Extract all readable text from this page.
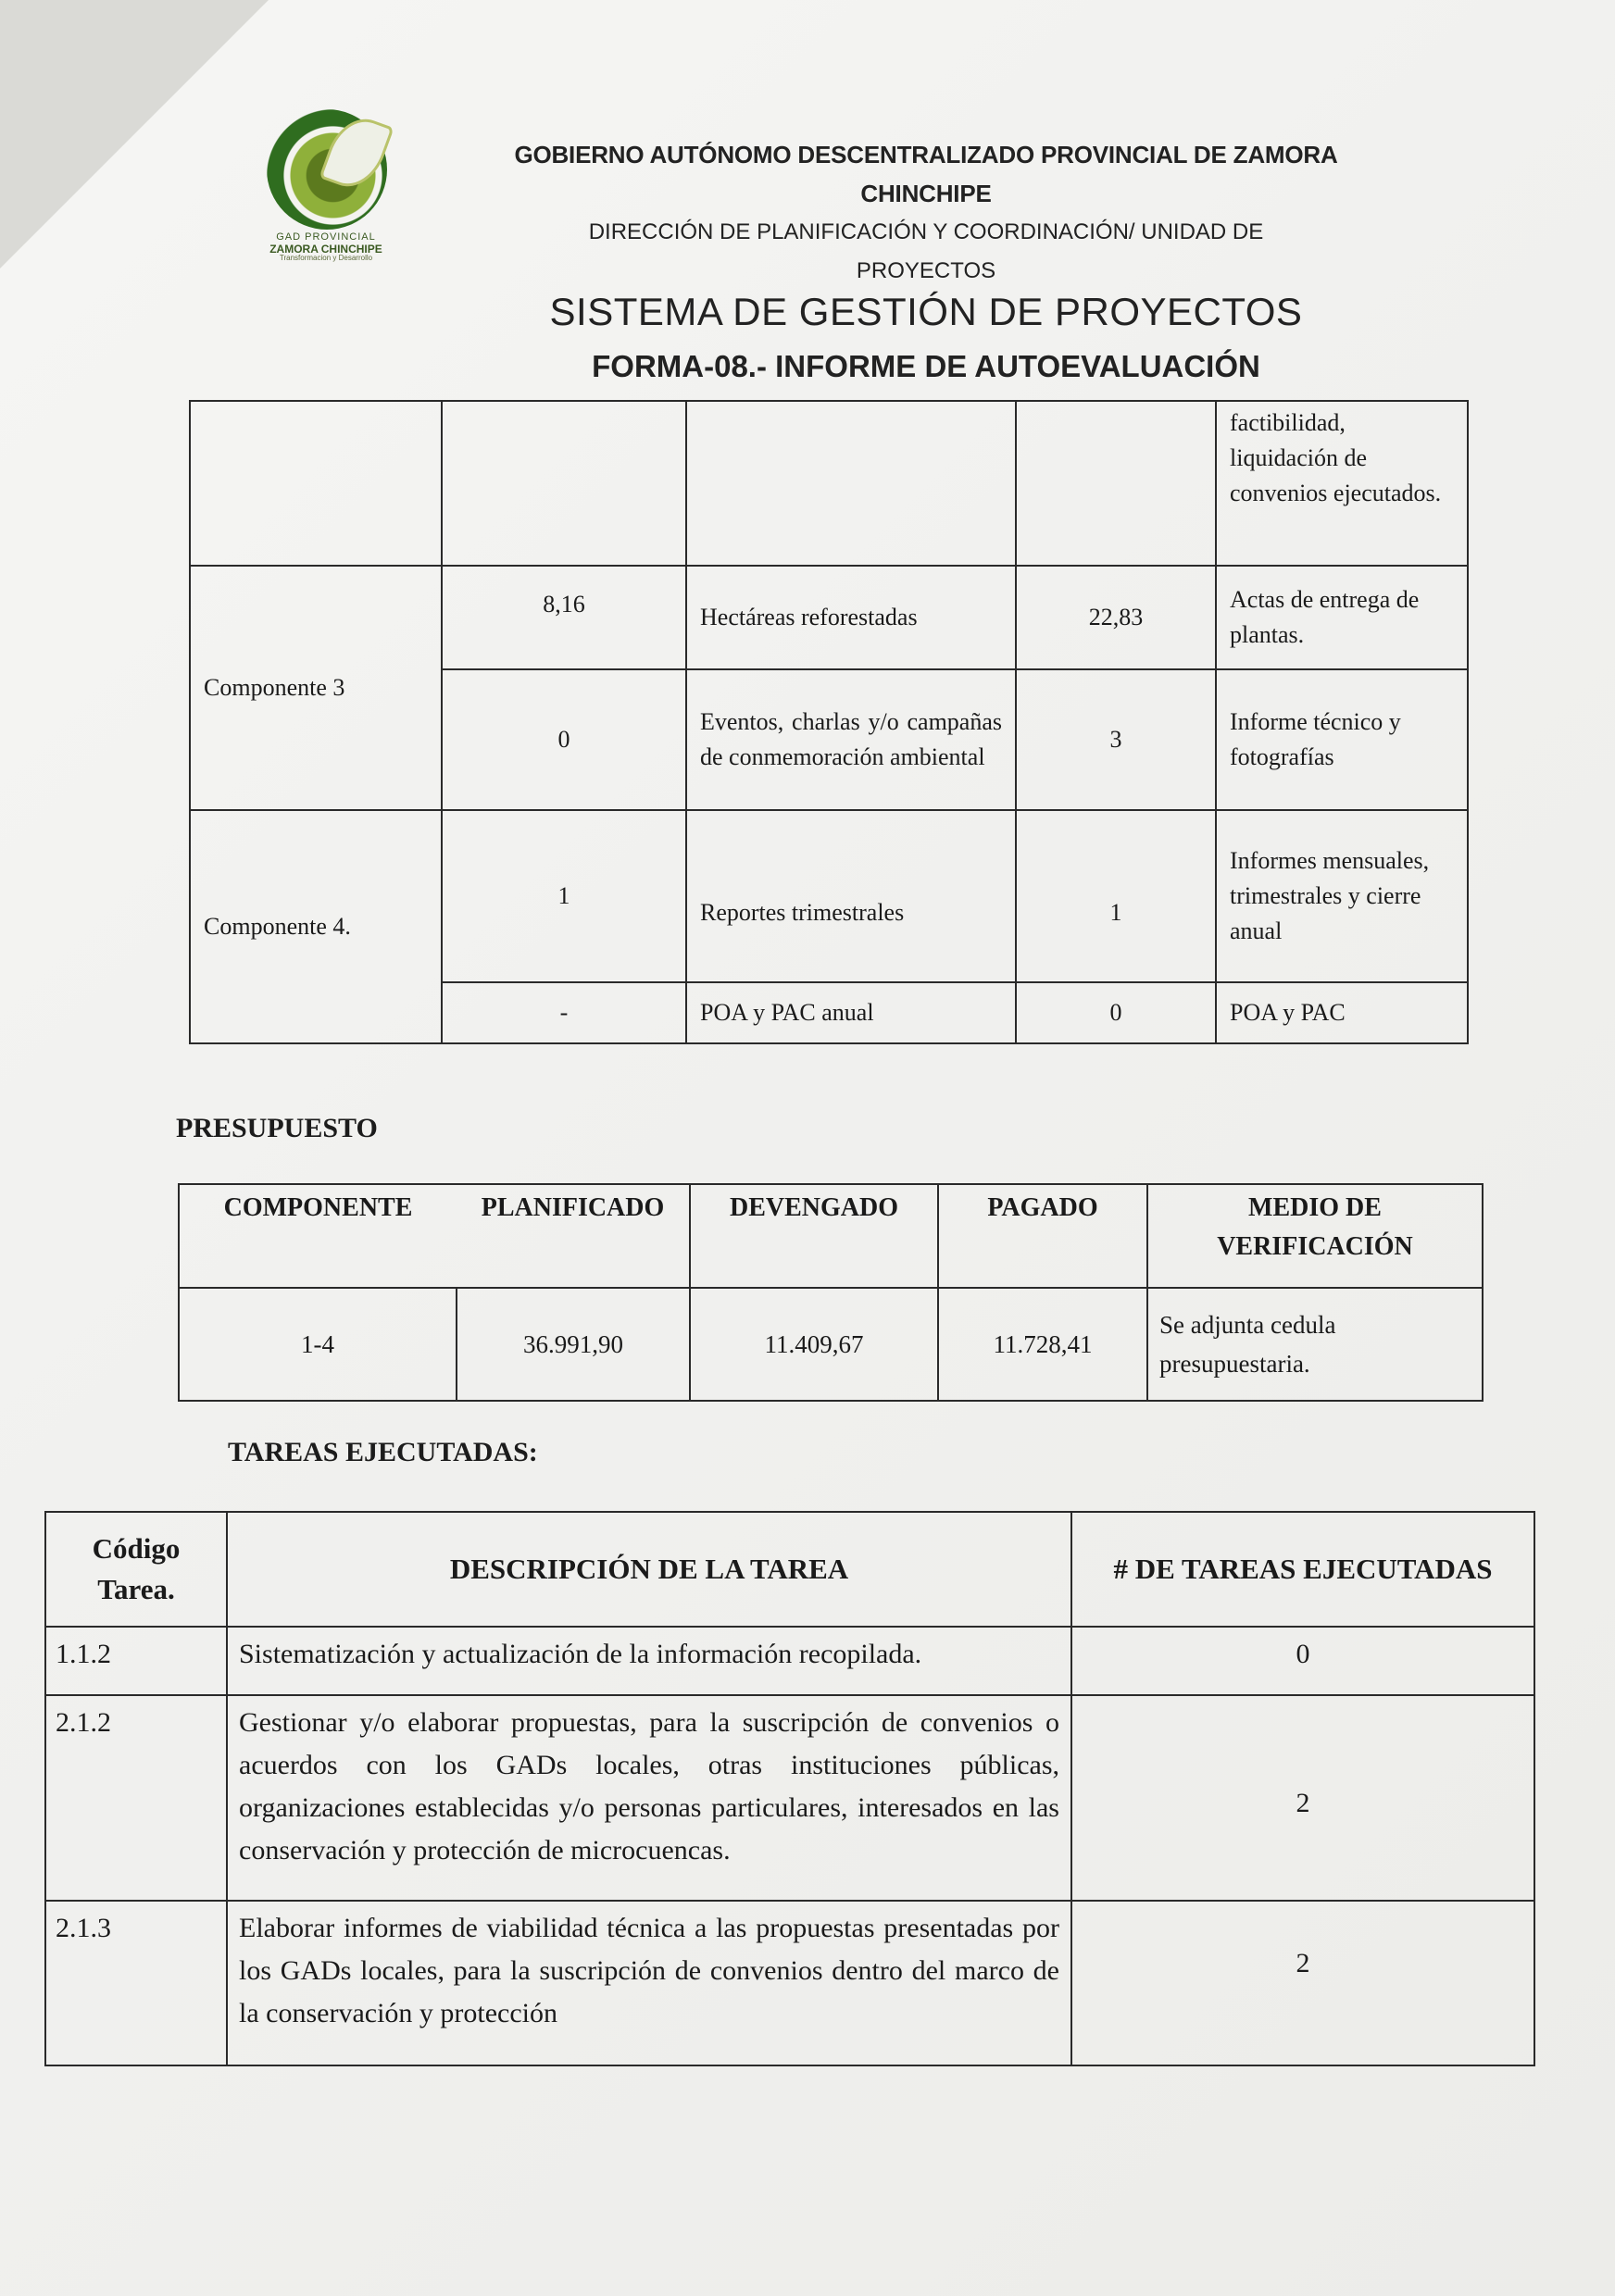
GAD PROVINCIAL
ZAMORA CHINCHIPE
Transformacion y Desarrollo
GOBIERNO AUTÓNOMO DESCENTRALIZADO PROVINCIAL DE ZAMORA
CHINCHIPE
DIRECCIÓN DE PLANIFICACIÓN Y COORDINACIÓN/ UNIDAD DE
PROYECTOS
SISTEMA DE GESTIÓN DE PROYECTOS
FORMA-08.- INFORME DE AUTOEVALUACIÓN
				factibilidad, liquidación de convenios ejecutados.
Componente 3	8,16	Hectáreas reforestadas	22,83	Actas de entrega de plantas.
	0	Eventos, charlas y/o campañas de conmemoración ambiental	3	Informe técnico y fotografías
Componente 4.	1	Reportes trimestrales	1	Informes mensuales, trimestrales y cierre anual
	-	POA y PAC anual	0	POA y PAC
PRESUPUESTO
COMPONENTE	PLANIFICADO	DEVENGADO	PAGADO	MEDIO DE VERIFICACIÓN
1-4	36.991,90	11.409,67	11.728,41	Se adjunta cedula presupuestaria.
TAREAS EJECUTADAS:
Código Tarea.	DESCRIPCIÓN DE LA TAREA	# DE TAREAS EJECUTADAS
1.1.2	Sistematización y actualización de la información recopilada.	0
2.1.2	Gestionar y/o elaborar propuestas, para la suscripción de convenios o acuerdos con los GADs locales, otras instituciones públicas, organizaciones establecidas y/o personas particulares, interesados en las conservación y protección de microcuencas.	2
2.1.3	Elaborar informes de viabilidad técnica a las propuestas presentadas por los GADs locales, para la suscripción de convenios dentro del marco de la conservación y protección	2
